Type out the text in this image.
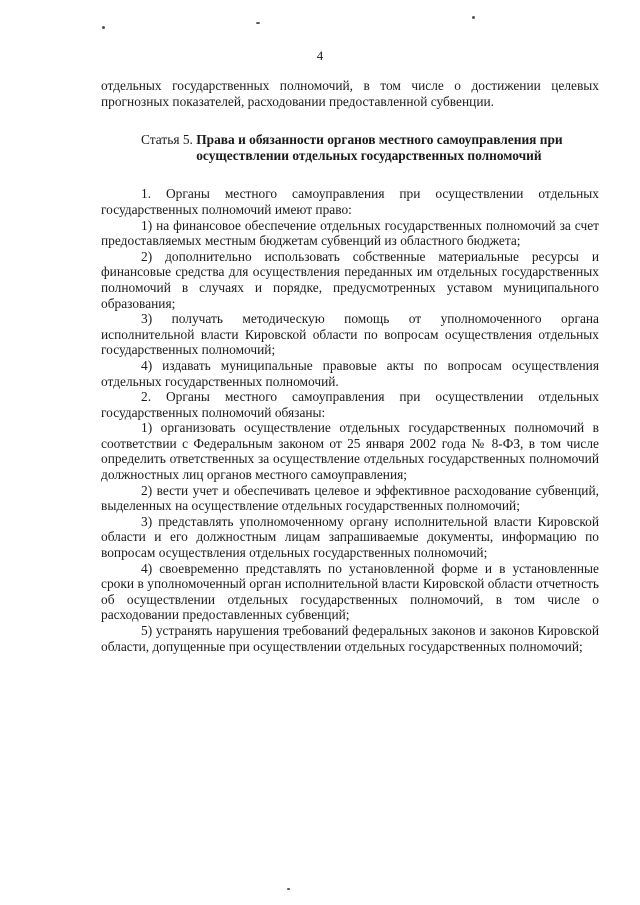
4

отдельных государственных полномочий, в том числе о достижении целевых прогнозных показателей, расходовании предоставленной субвенции.

Статья 5. Права и обязанности органов местного самоуправления при осуществлении отдельных государственных полномочий

1. Органы местного самоуправления при осуществлении отдельных государственных полномочий имеют право:

1) на финансовое обеспечение отдельных государственных полномочий за счет предоставляемых местным бюджетам субвенций из областного бюджета;

2) дополнительно использовать собственные материальные ресурсы и финансовые средства для осуществления переданных им отдельных государственных полномочий в случаях и порядке, предусмотренных уставом муниципального образования;

3) получать методическую помощь от уполномоченного органа исполнительной власти Кировской области по вопросам осуществления отдельных государственных полномочий;

4) издавать муниципальные правовые акты по вопросам осуществления отдельных государственных полномочий.

2. Органы местного самоуправления при осуществлении отдельных государственных полномочий обязаны:

1) организовать осуществление отдельных государственных полномочий в соответствии с Федеральным законом от 25 января 2002 года № 8-ФЗ, в том числе определить ответственных за осуществление отдельных государственных полномочий должностных лиц органов местного самоуправления;

2) вести учет и обеспечивать целевое и эффективное расходование субвенций, выделенных на осуществление отдельных государственных полномочий;

3) представлять уполномоченному органу исполнительной власти Кировской области и его должностным лицам запрашиваемые документы, информацию по вопросам осуществления отдельных государственных полномочий;

4) своевременно представлять по установленной форме и в установленные сроки в уполномоченный орган исполнительной власти Кировской области отчетность об осуществлении отдельных государственных полномочий, в том числе о расходовании предоставленных субвенций;

5) устранять нарушения требований федеральных законов и законов Кировской области, допущенные при осуществлении отдельных государственных полномочий;
